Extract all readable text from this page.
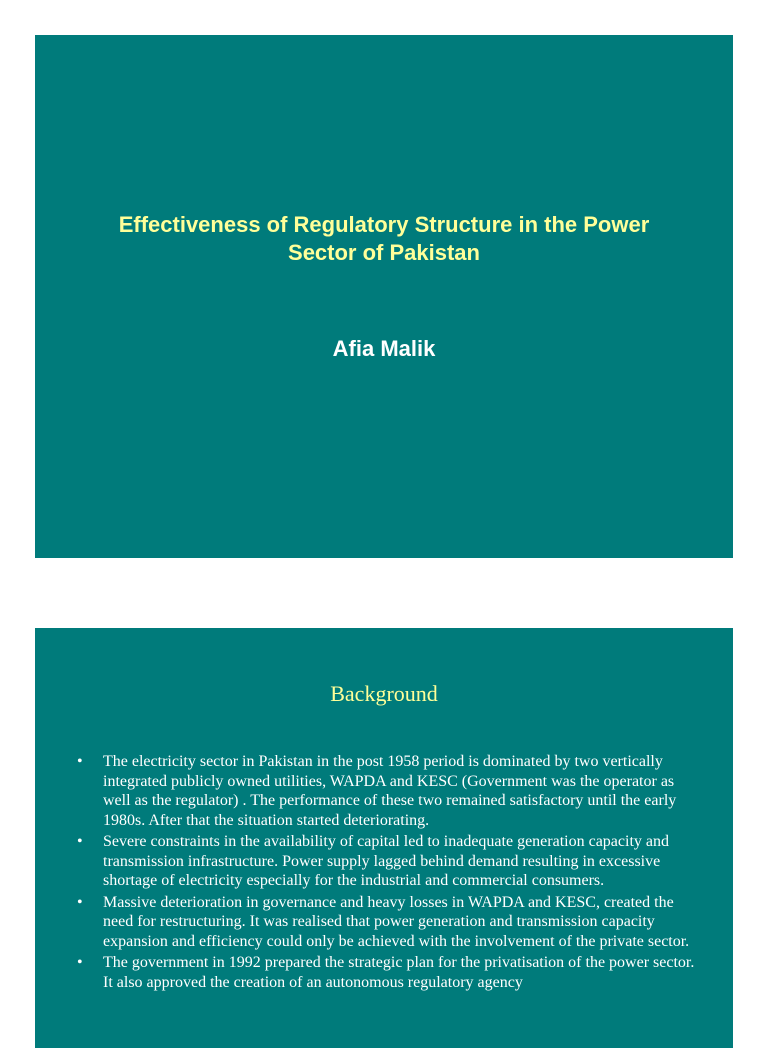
Effectiveness of Regulatory Structure in the Power
Sector of Pakistan
Afia Malik
Background
• The electricity sector in Pakistan in the post 1958 period is dominated by two vertically integrated publicly owned utilities, WAPDA and KESC (Government was the operator as well as the regulator) . The performance of these two remained satisfactory until the early 1980s. After that the situation started deteriorating.
• Severe constraints in the availability of capital led to inadequate generation capacity and transmission infrastructure. Power supply lagged behind demand resulting in excessive shortage of electricity especially for the industrial and commercial consumers.
• Massive deterioration in governance and heavy losses in WAPDA and KESC, created the need for restructuring. It was realised that power generation and transmission capacity expansion and efficiency could only be achieved with the involvement of the private sector.
• The government in 1992 prepared the strategic plan for the privatisation of the power sector. It also approved the creation of an autonomous regulatory agency
